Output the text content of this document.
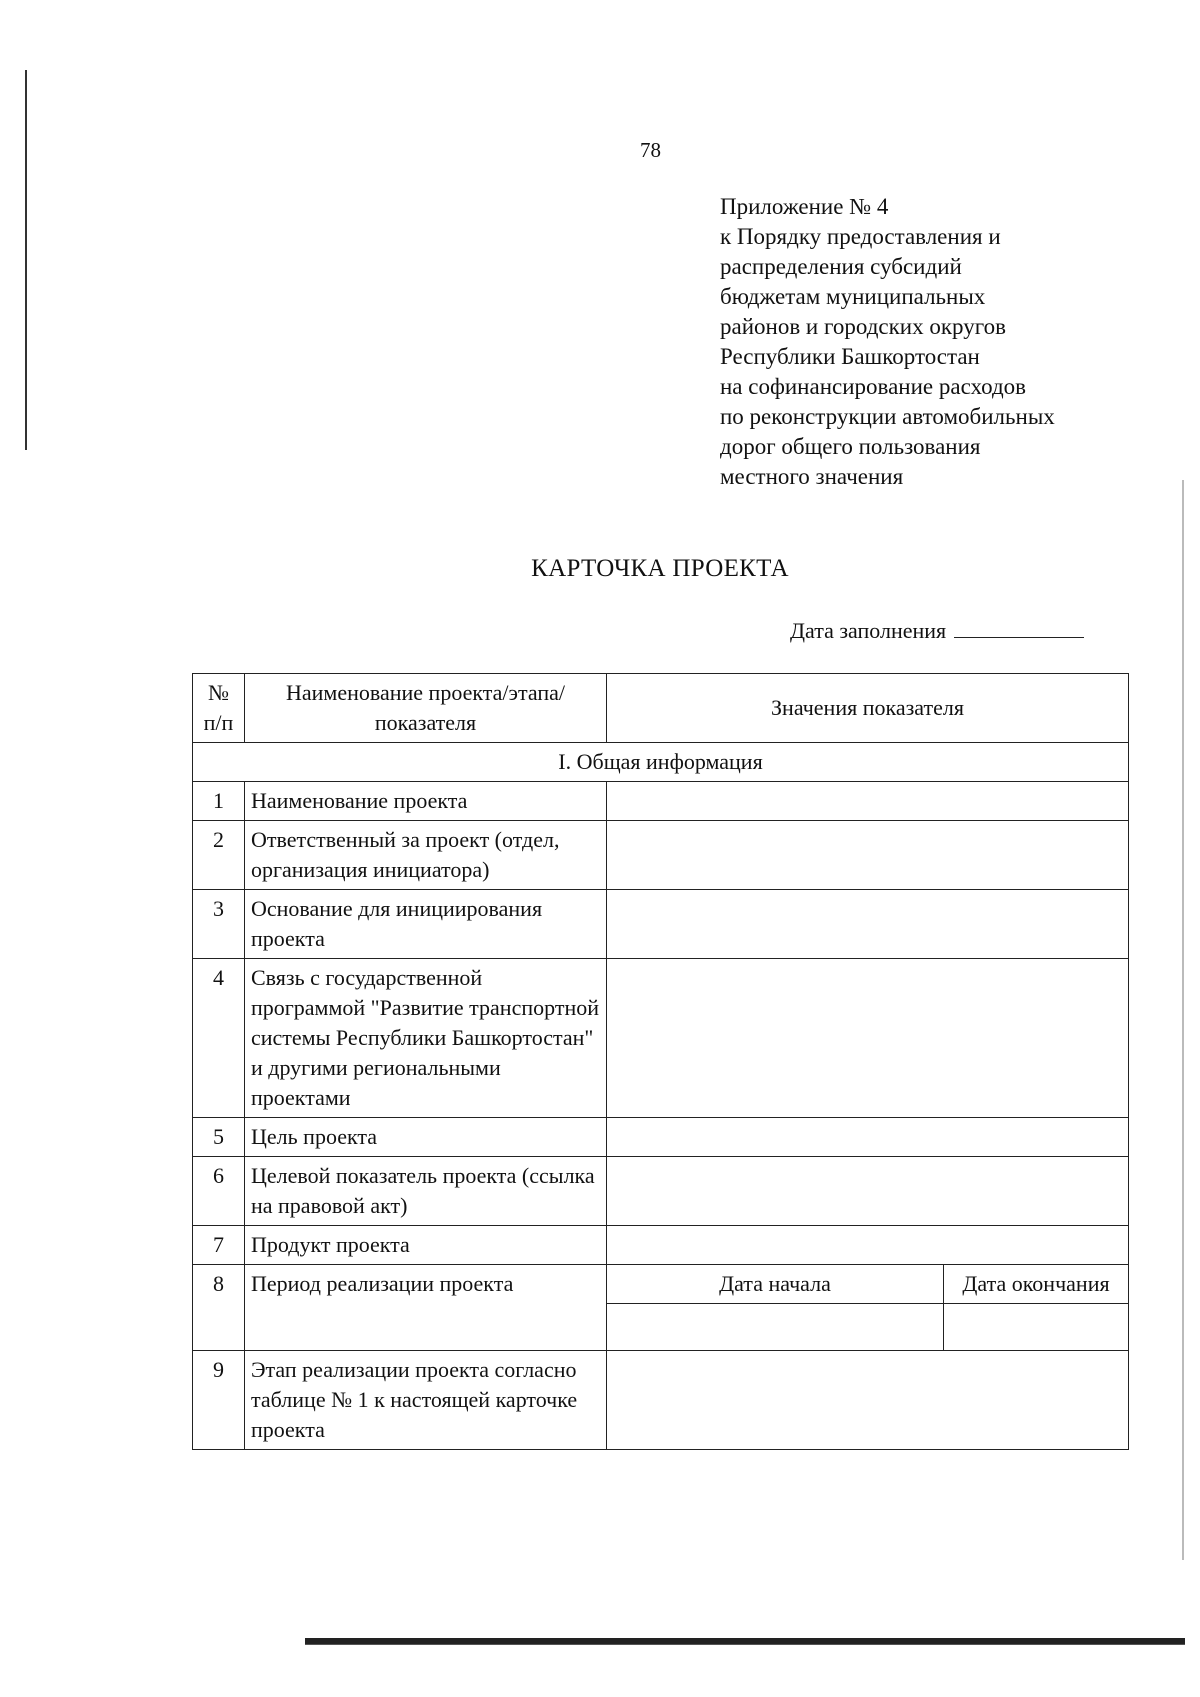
78
Приложение № 4
к Порядку предоставления и
распределения субсидий
бюджетам муниципальных
районов и городских округов
Республики Башкортостан
на софинансирование расходов
по реконструкции автомобильных
дорог общего пользования
местного значения
КАРТОЧКА ПРОЕКТА
Дата заполнения
№ п/п	Наименование проекта/этапа/показателя	Значения показателя	
I. Общая информация			
1	Наименование проекта		
2	Ответственный за проект (отдел, организация инициатора)		
3	Основание для инициирования проекта		
4	Связь с государственной программой "Развитие транспортной системы Республики Башкортостан" и другими региональными проектами		
5	Цель проекта		
6	Целевой показатель проекта (ссылка на правовой акт)		
7	Продукт проекта		
8	Период реализации проекта	Дата начала	Дата окончания

9	Этап реализации проекта согласно таблице № 1 к настоящей карточке проекта		
